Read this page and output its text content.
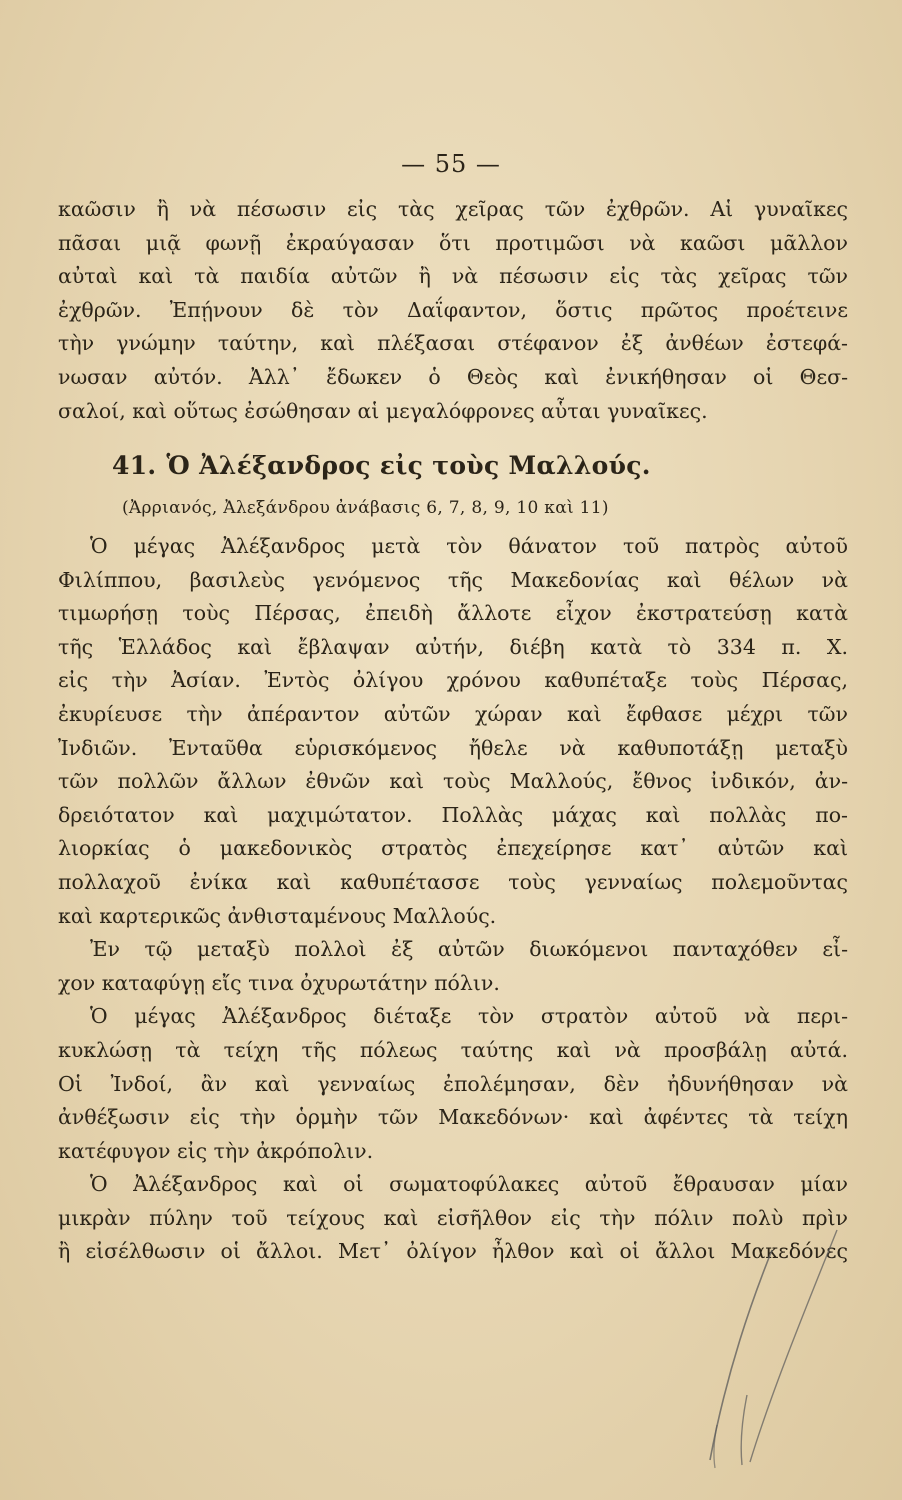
— 55 —
καῶσιν ἢ νὰ πέσωσιν εἰς τὰς χεῖρας τῶν ἐχθρῶν. Αἱ γυναῖκες
πᾶσαι μιᾷ φωνῇ ἐκραύγασαν ὅτι προτιμῶσι νὰ καῶσι μᾶλλον
αὐταὶ καὶ τὰ παιδία αὐτῶν ἢ νὰ πέσωσιν εἰς τὰς χεῖρας τῶν
ἐχθρῶν. Ἐπῄνουν δὲ τὸν Δαΐφαντον, ὅστις πρῶτος προέτεινε
τὴν γνώμην ταύτην, καὶ πλέξασαι στέφανον ἐξ ἀνθέων ἐστεφά-
νωσαν αὐτόν. Ἀλλ᾽ ἔδωκεν ὁ Θεὸς καὶ ἐνικήθησαν οἱ Θεσ-
σαλοί, καὶ οὕτως ἐσώθησαν αἱ μεγαλόφρονες αὗται γυναῖκες.
41. Ὁ Ἀλέξανδρος εἰς τοὺς Μαλλούς.
(Ἀρριανός, Ἀλεξάνδρου ἀνάβασις 6, 7, 8, 9, 10 καὶ 11)
Ὁ μέγας Ἀλέξανδρος μετὰ τὸν θάνατον τοῦ πατρὸς αὐτοῦ
Φιλίππου, βασιλεὺς γενόμενος τῆς Μακεδονίας καὶ θέλων νὰ
τιμωρήσῃ τοὺς Πέρσας, ἐπειδὴ ἄλλοτε εἶχον ἐκστρατεύσῃ κατὰ
τῆς Ἑλλάδος καὶ ἔβλαψαν αὐτήν, διέβη κατὰ τὸ 334 π. Χ.
εἰς τὴν Ἀσίαν. Ἐντὸς ὀλίγου χρόνου καθυπέταξε τοὺς Πέρσας,
ἐκυρίευσε τὴν ἀπέραντον αὐτῶν χώραν καὶ ἔφθασε μέχρι τῶν
Ἰνδιῶν. Ἐνταῦθα εὑρισκόμενος ἤθελε νὰ καθυποτάξῃ μεταξὺ
τῶν πολλῶν ἄλλων ἐθνῶν καὶ τοὺς Μαλλούς, ἔθνος ἰνδικόν, ἀν-
δρειότατον καὶ μαχιμώτατον. Πολλὰς μάχας καὶ πολλὰς πο-
λιορκίας ὁ μακεδονικὸς στρατὸς ἐπεχείρησε κατ᾽ αὐτῶν καὶ
πολλαχοῦ ἐνίκα καὶ καθυπέτασσε τοὺς γενναίως πολεμοῦντας
καὶ καρτερικῶς ἀνθισταμένους Μαλλούς.
Ἐν τῷ μεταξὺ πολλοὶ ἐξ αὐτῶν διωκόμενοι πανταχόθεν εἶ-
χον καταφύγῃ εἴς τινα ὀχυρωτάτην πόλιν.
Ὁ μέγας Ἀλέξανδρος διέταξε τὸν στρατὸν αὐτοῦ νὰ περι-
κυκλώσῃ τὰ τείχη τῆς πόλεως ταύτης καὶ νὰ προσβάλῃ αὐτά.
Οἱ Ἰνδοί, ἂν καὶ γενναίως ἐπολέμησαν, δὲν ἠδυνήθησαν νὰ
ἀνθέξωσιν εἰς τὴν ὁρμὴν τῶν Μακεδόνων· καὶ ἀφέντες τὰ τείχη
κατέφυγον εἰς τὴν ἀκρόπολιν.
Ὁ Ἀλέξανδρος καὶ οἱ σωματοφύλακες αὐτοῦ ἔθραυσαν μίαν
μικρὰν πύλην τοῦ τείχους καὶ εἰσῆλθον εἰς τὴν πόλιν πολὺ πρὶν
ἢ εἰσέλθωσιν οἱ ἄλλοι. Μετ᾽ ὀλίγον ἦλθον καὶ οἱ ἄλλοι Μακεδόνες
